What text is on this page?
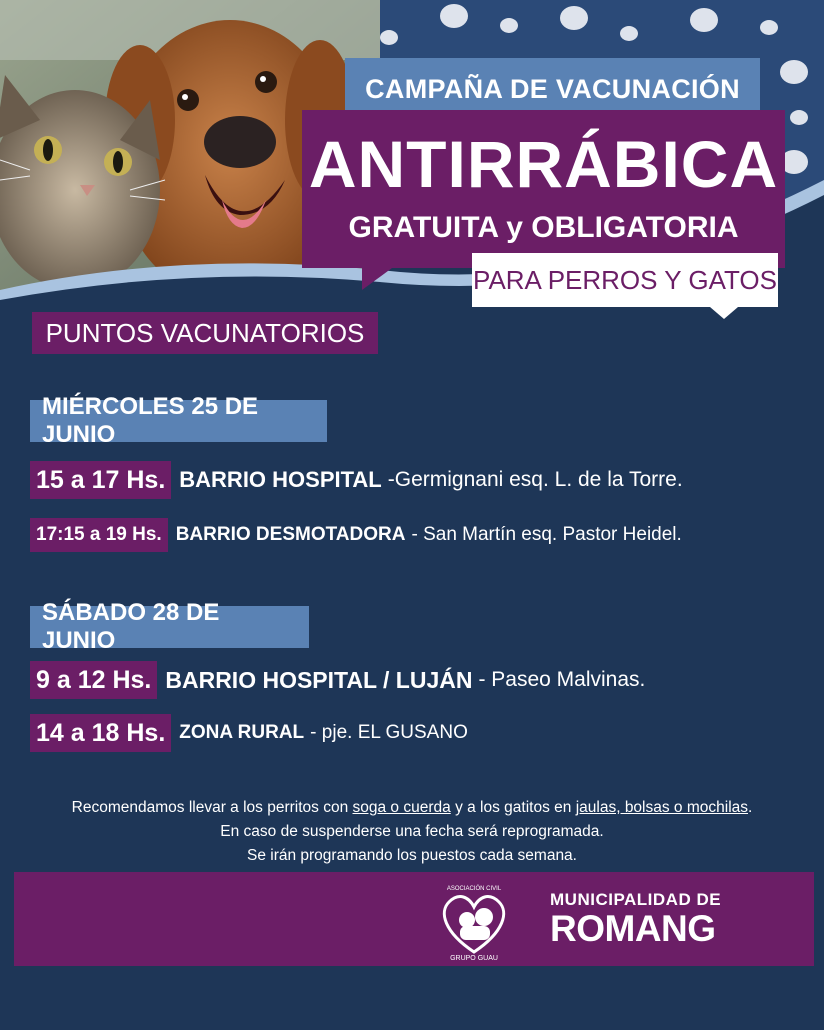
CAMPAÑA DE VACUNACIÓN
ANTIRRÁBICA
GRATUITA y OBLIGATORIA
PARA PERROS Y GATOS
PUNTOS VACUNATORIOS
MIÉRCOLES 25 DE JUNIO
15 a 17 Hs. BARRIO HOSPITAL -Germignani esq. L. de la Torre.
17:15 a 19 Hs. BARRIO DESMOTADORA - San Martín esq. Pastor Heidel.
SÁBADO 28 DE JUNIO
9 a 12 Hs. BARRIO HOSPITAL / LUJÁN - Paseo Malvinas.
14 a 18 Hs. ZONA RURAL - pje. EL GUSANO
Recomendamos llevar a los perritos con soga o cuerda y a los gatitos en jaulas, bolsas o mochilas.
En caso de suspenderse una fecha será reprogramada.
Se irán programando los puestos cada semana.
ASOCIACIÓN CIVIL
GRUPO GUAU
MUNICIPALIDAD DE
ROMANG
